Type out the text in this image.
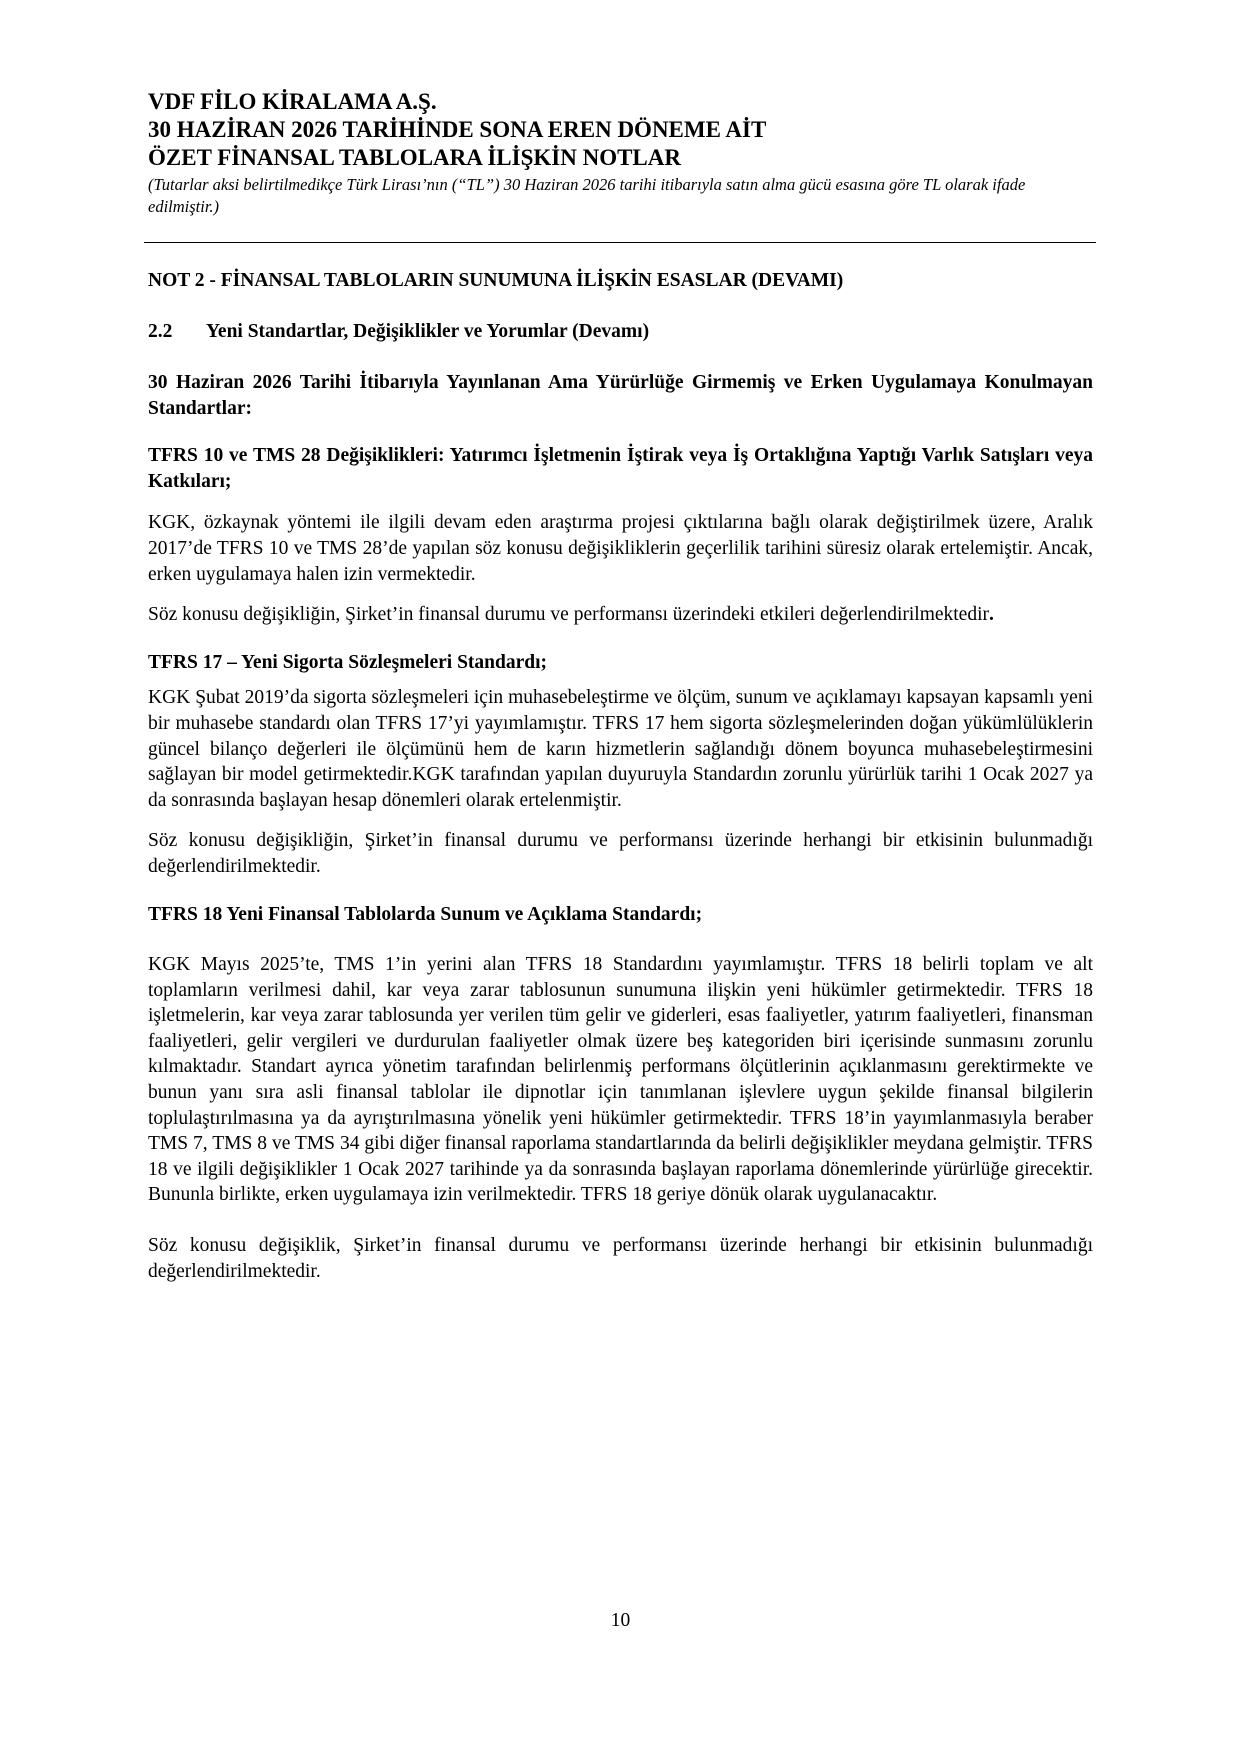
VDF FİLO KİRALAMA A.Ş.
30 HAZİRAN 2026 TARİHİNDE SONA EREN DÖNEME AİT
ÖZET FİNANSAL TABLOLARA İLİŞKİN NOTLAR
(Tutarlar aksi belirtilmedikçe Türk Lirası’nın (“TL”) 30 Haziran 2026 tarihi itibarıyla satın alma gücü esasına göre TL olarak ifade edilmiştir.)
NOT 2 - FİNANSAL TABLOLARIN SUNUMUNA İLİŞKİN ESASLAR (DEVAMI)
2.2	Yeni Standartlar, Değişiklikler ve Yorumlar (Devamı)
30 Haziran 2026 Tarihi İtibarıyla Yayınlanan Ama Yürürlüğe Girmemiş ve Erken Uygulamaya Konulmayan Standartlar:
TFRS 10 ve TMS 28 Değişiklikleri: Yatırımcı İşletmenin İştirak veya İş Ortaklığına Yaptığı Varlık Satışları veya Katkıları;

KGK, özkaynak yöntemi ile ilgili devam eden araştırma projesi çıktılarına bağlı olarak değiştirilmek üzere, Aralık 2017’de TFRS 10 ve TMS 28’de yapılan söz konusu değişikliklerin geçerlilik tarihini süresiz olarak ertelemiştir. Ancak, erken uygulamaya halen izin vermektedir.

Söz konusu değişikliğin, Şirket’in finansal durumu ve performansı üzerindeki etkileri değerlendirilmektedir.

TFRS 17 – Yeni Sigorta Sözleşmeleri Standardı;

KGK Şubat 2019’da sigorta sözleşmeleri için muhasebeleştirme ve ölçüm, sunum ve açıklamayı kapsayan kapsamlı yeni bir muhasebe standardı olan TFRS 17’yi yayımlamıştır. TFRS 17 hem sigorta sözleşmelerinden doğan yükümlülüklerin güncel bilanço değerleri ile ölçümünü hem de karın hizmetlerin sağlandığı dönem boyunca muhasebeleştirmesini sağlayan bir model getirmektedir.KGK tarafından yapılan duyuruyla Standardın zorunlu yürürlük tarihi 1 Ocak 2027 ya da sonrasında başlayan hesap dönemleri olarak ertelenmiştir.

Söz konusu değişikliğin, Şirket’in finansal durumu ve performansı üzerinde herhangi bir etkisinin bulunmadığı değerlendirilmektedir.

TFRS 18 Yeni Finansal Tablolarda Sunum ve Açıklama Standardı;

KGK Mayıs 2025’te, TMS 1’in yerini alan TFRS 18 Standardını yayımlamıştır. TFRS 18 belirli toplam ve alt toplamların verilmesi dahil, kar veya zarar tablosunun sunumuna ilişkin yeni hükümler getirmektedir. TFRS 18 işletmelerin, kar veya zarar tablosunda yer verilen tüm gelir ve giderleri, esas faaliyetler, yatırım faaliyetleri, finansman faaliyetleri, gelir vergileri ve durdurulan faaliyetler olmak üzere beş kategoriden biri içerisinde sunmasını zorunlu kılmaktadır. Standart ayrıca yönetim tarafından belirlenmiş performans ölçütlerinin açıklanmasını gerektirmekte ve bunun yanı sıra asli finansal tablolar ile dipnotlar için tanımlanan işlevlere uygun şekilde finansal bilgilerin toplulaştırılmasına ya da ayrıştırılmasına yönelik yeni hükümler getirmektedir. TFRS 18’in yayımlanmasıyla beraber TMS 7, TMS 8 ve TMS 34 gibi diğer finansal raporlama standartlarında da belirli değişiklikler meydana gelmiştir. TFRS 18 ve ilgili değişiklikler 1 Ocak 2027 tarihinde ya da sonrasında başlayan raporlama dönemlerinde yürürlüğe girecektir. Bununla birlikte, erken uygulamaya izin verilmektedir. TFRS 18 geriye dönük olarak uygulanacaktır.

Söz konusu değişiklik, Şirket’in finansal durumu ve performansı üzerinde herhangi bir etkisinin bulunmadığı değerlendirilmektedir.

10
